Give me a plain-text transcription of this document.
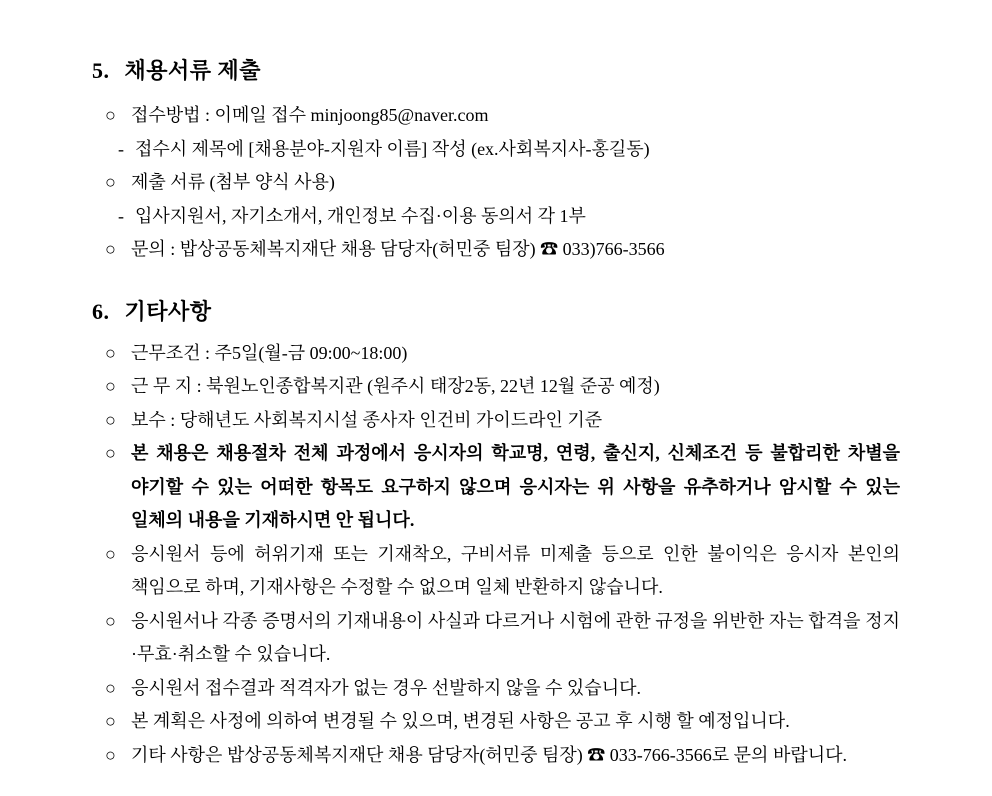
5. 채용서류 제출

○ 접수방법 : 이메일 접수 minjoong85@naver.com

- 접수시 제목에 [채용분야-지원자 이름] 작성 (ex.사회복지사-홍길동)

○ 제출 서류 (첨부 양식 사용)

- 입사지원서, 자기소개서, 개인정보 수집·이용 동의서 각 1부

○ 문의 : 밥상공동체복지재단 채용 담당자(허민중 팀장) ☎ 033)766-3566

6. 기타사항

○ 근무조건 : 주5일(월-금 09:00~18:00)

○ 근 무 지 : 북원노인종합복지관 (원주시 태장2동, 22년 12월 준공 예정)

○ 보수 : 당해년도 사회복지시설 종사자 인건비 가이드라인 기준

○ 본 채용은 채용절차 전체 과정에서 응시자의 학교명, 연령, 출신지, 신체조건 등 불합리한 차별을 야기할 수 있는 어떠한 항목도 요구하지 않으며 응시자는 위 사항을 유추하거나 암시할 수 있는 일체의 내용을 기재하시면 안 됩니다.

○ 응시원서 등에 허위기재 또는 기재착오, 구비서류 미제출 등으로 인한 불이익은 응시자 본인의 책임으로 하며, 기재사항은 수정할 수 없으며 일체 반환하지 않습니다.

○ 응시원서나 각종 증명서의 기재내용이 사실과 다르거나 시험에 관한 규정을 위반한 자는 합격을 정지·무효·취소할 수 있습니다.

○ 응시원서 접수결과 적격자가 없는 경우 선발하지 않을 수 있습니다.

○ 본 계획은 사정에 의하여 변경될 수 있으며, 변경된 사항은 공고 후 시행 할 예정입니다.

○ 기타 사항은 밥상공동체복지재단 채용 담당자(허민중 팀장) ☎ 033-766-3566로 문의 바랍니다.
